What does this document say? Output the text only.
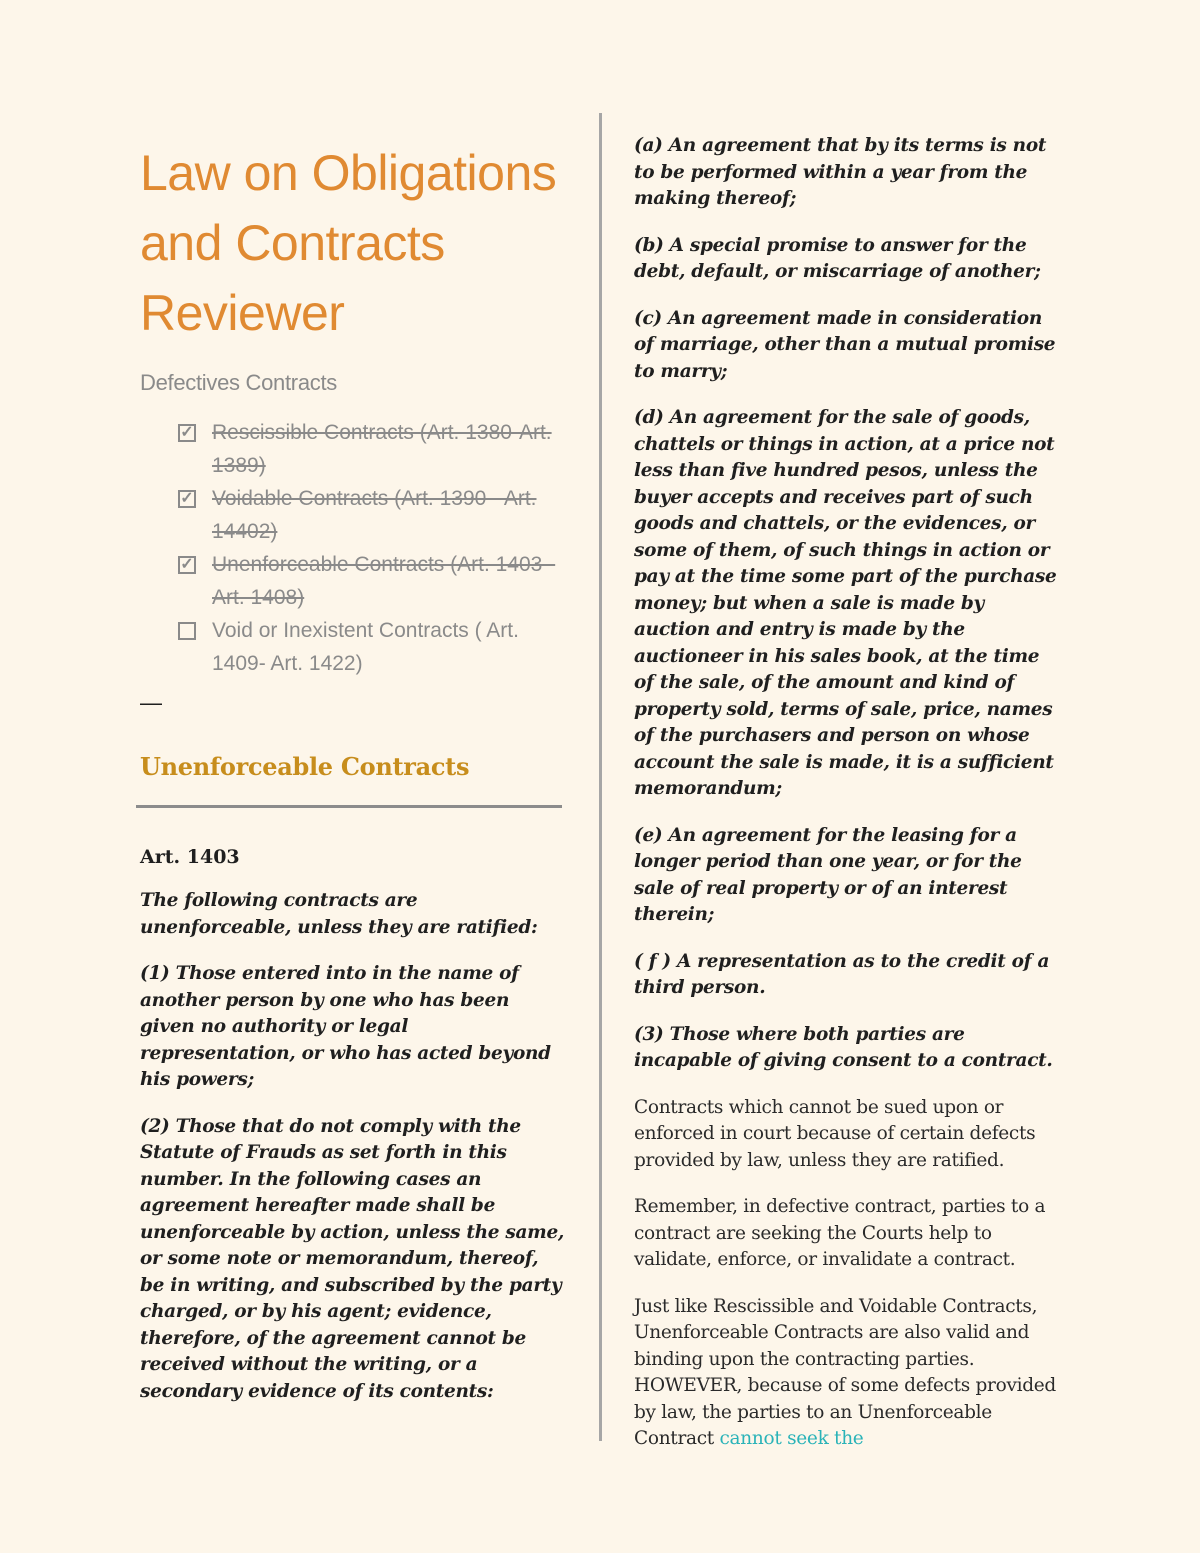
Law on Obligations
and Contracts
Reviewer
Defectives Contracts
✓ Rescissible Contracts (Art. 1380-Art. 1389)
✓ Voidable Contracts (Art. 1390 - Art. 14402)
✓ Unenforceable Contracts (Art. 1403 - Art. 1408)
Void or Inexistent Contracts ( Art. 1409- Art. 1422)
—
Unenforceable Contracts
Art. 1403

The following contracts are unenforceable, unless they are ratified:

(1) Those entered into in the name of another person by one who has been given no authority or legal representation, or who has acted beyond his powers;

(2) Those that do not comply with the Statute of Frauds as set forth in this number. In the following cases an agreement hereafter made shall be unenforceable by action, unless the same, or some note or memorandum, thereof, be in writing, and subscribed by the party charged, or by his agent; evidence, therefore, of the agreement cannot be received without the writing, or a secondary evidence of its contents:

(a) An agreement that by its terms is not to be performed within a year from the making thereof;

(b) A special promise to answer for the debt, default, or miscarriage of another;

(c) An agreement made in consideration of marriage, other than a mutual promise to marry;

(d) An agreement for the sale of goods, chattels or things in action, at a price not less than five hundred pesos, unless the buyer accepts and receives part of such goods and chattels, or the evidences, or some of them, of such things in action or pay at the time some part of the purchase money; but when a sale is made by auction and entry is made by the auctioneer in his sales book, at the time of the sale, of the amount and kind of property sold, terms of sale, price, names of the purchasers and person on whose account the sale is made, it is a sufficient memorandum;

(e) An agreement for the leasing for a longer period than one year, or for the sale of real property or of an interest therein;

( f ) A representation as to the credit of a third person.

(3) Those where both parties are incapable of giving consent to a contract.

Contracts which cannot be sued upon or enforced in court because of certain defects provided by law, unless they are ratified.

Remember, in defective contract, parties to a contract are seeking the Courts help to validate, enforce, or invalidate a contract.

Just like Rescissible and Voidable Contracts, Unenforceable Contracts are also valid and binding upon the contracting parties. HOWEVER, because of some defects provided by law, the parties to an Unenforceable Contract cannot seek the
